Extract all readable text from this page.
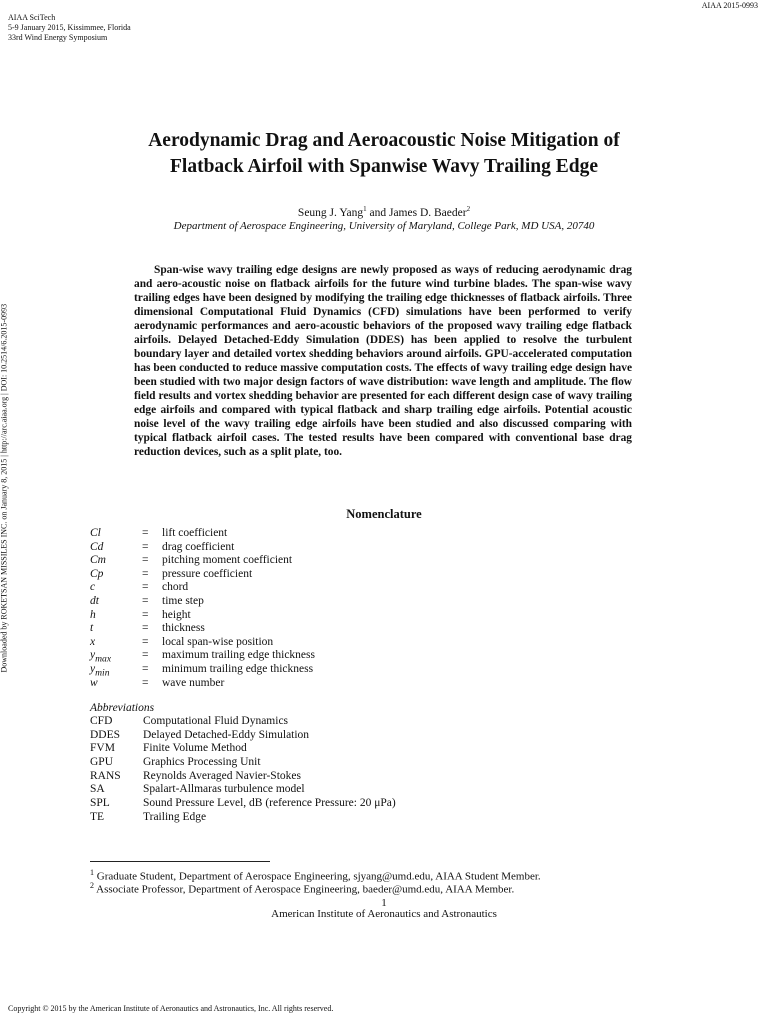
AIAA SciTech
5-9 January 2015, Kissimmee, Florida
33rd Wind Energy Symposium
AIAA 2015-0993
Downloaded by ROKETSAN MISSILES INC. on January 8, 2015 | http://arc.aiaa.org | DOI: 10.2514/6.2015-0993
Aerodynamic Drag and Aeroacoustic Noise Mitigation of
Flatback Airfoil with Spanwise Wavy Trailing Edge
Seung J. Yang$^1$ and James D. Baeder$^2$
Department of Aerospace Engineering, University of Maryland, College Park, MD USA, 20740

Span-wise wavy trailing edge designs are newly proposed as ways of reducing aerodynamic drag and aero-acoustic noise on flatback airfoils for the future wind turbine blades. The span-wise wavy trailing edges have been designed by modifying the trailing edge thicknesses of flatback airfoils. Three dimensional Computational Fluid Dynamics (CFD) simulations have been performed to verify aerodynamic performances and aero-acoustic behaviors of the proposed wavy trailing edge flatback airfoils. Delayed Detached-Eddy Simulation (DDES) has been applied to resolve the turbulent boundary layer and detailed vortex shedding behaviors around airfoils. GPU-accelerated computation has been conducted to reduce massive computation costs. The effects of wavy trailing edge design have been studied with two major design factors of wave distribution: wave length and amplitude. The flow field results and vortex shedding behavior are presented for each different design case of wavy trailing edge airfoils and compared with typical flatback and sharp trailing edge airfoils. Potential acoustic noise level of the wavy trailing edge airfoils have been studied and also discussed comparing with typical flatback airfoil cases. The tested results have been compared with conventional base drag reduction devices, such as a split plate, too.

Nomenclature
Cl	= lift coefficient
Cd	= drag coefficient
Cm	= pitching moment coefficient
Cp	= pressure coefficient
c	= chord
dt	= time step
h	= height
t	= thickness
x	= local span-wise position
$y_{max}$	= maximum trailing edge thickness
$y_{min}$	= minimum trailing edge thickness
w	= wave number
Abbreviations
CFD	Computational Fluid Dynamics
DDES Delayed Detached-Eddy Simulation
FVM Finite Volume Method
GPU	Graphics Processing Unit
RANS Reynolds Averaged Navier-Stokes
SA	Spalart-Allmaras turbulence model
SPL	Sound Pressure Level, dB (reference Pressure: 20 μPa)
TE	Trailing Edge
$^1$ Graduate Student, Department of Aerospace Engineering, sjyang@umd.edu, AIAA Student Member.
$^2$ Associate Professor, Department of Aerospace Engineering, baeder@umd.edu, AIAA Member.
1
American Institute of Aeronautics and Astronautics
Copyright © 2015 by the American Institute of Aeronautics and Astronautics, Inc. All rights reserved.
